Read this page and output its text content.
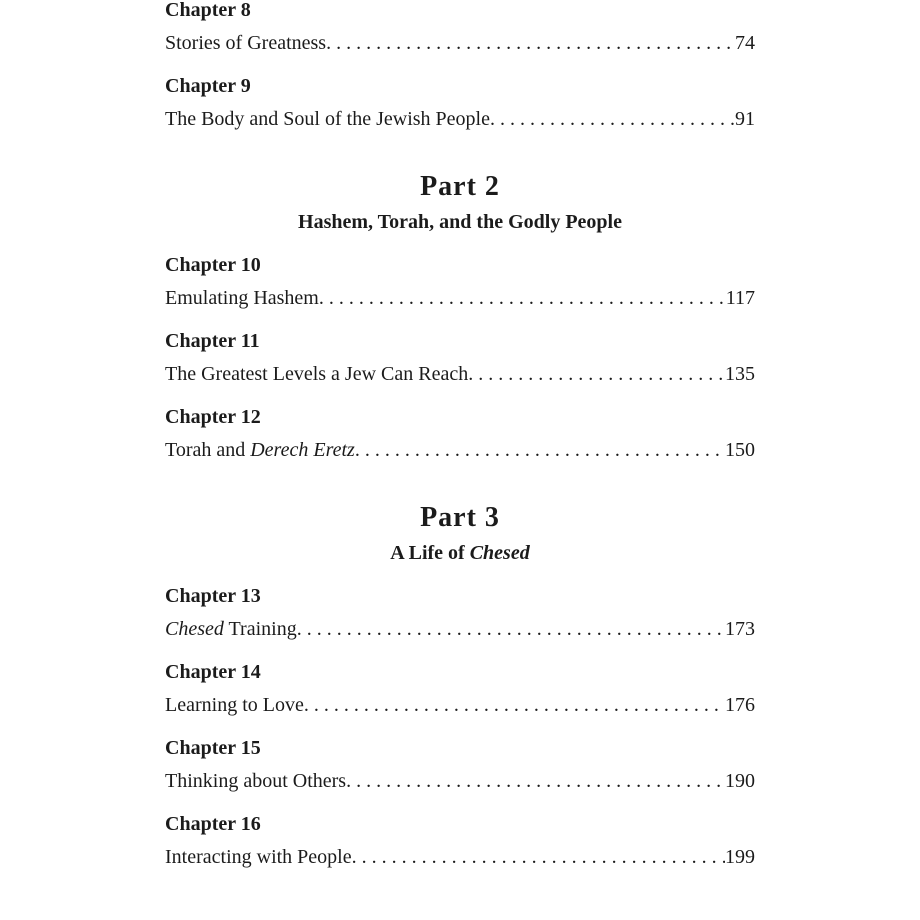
Chapter 8
Stories of Greatness . . .	74
Chapter 9
The Body and Soul of the Jewish People . . .	91
Part 2
Hashem, Torah, and the Godly People
Chapter 10
Emulating Hashem . . .	117
Chapter 11
The Greatest Levels a Jew Can Reach . . .	135
Chapter 12
Torah and Derech Eretz . . .	150
Part 3
A Life of Chesed
Chapter 13
Chesed Training . . .	173
Chapter 14
Learning to Love . . .	176
Chapter 15
Thinking about Others . . .	190
Chapter 16
Interacting with People . . .	199
